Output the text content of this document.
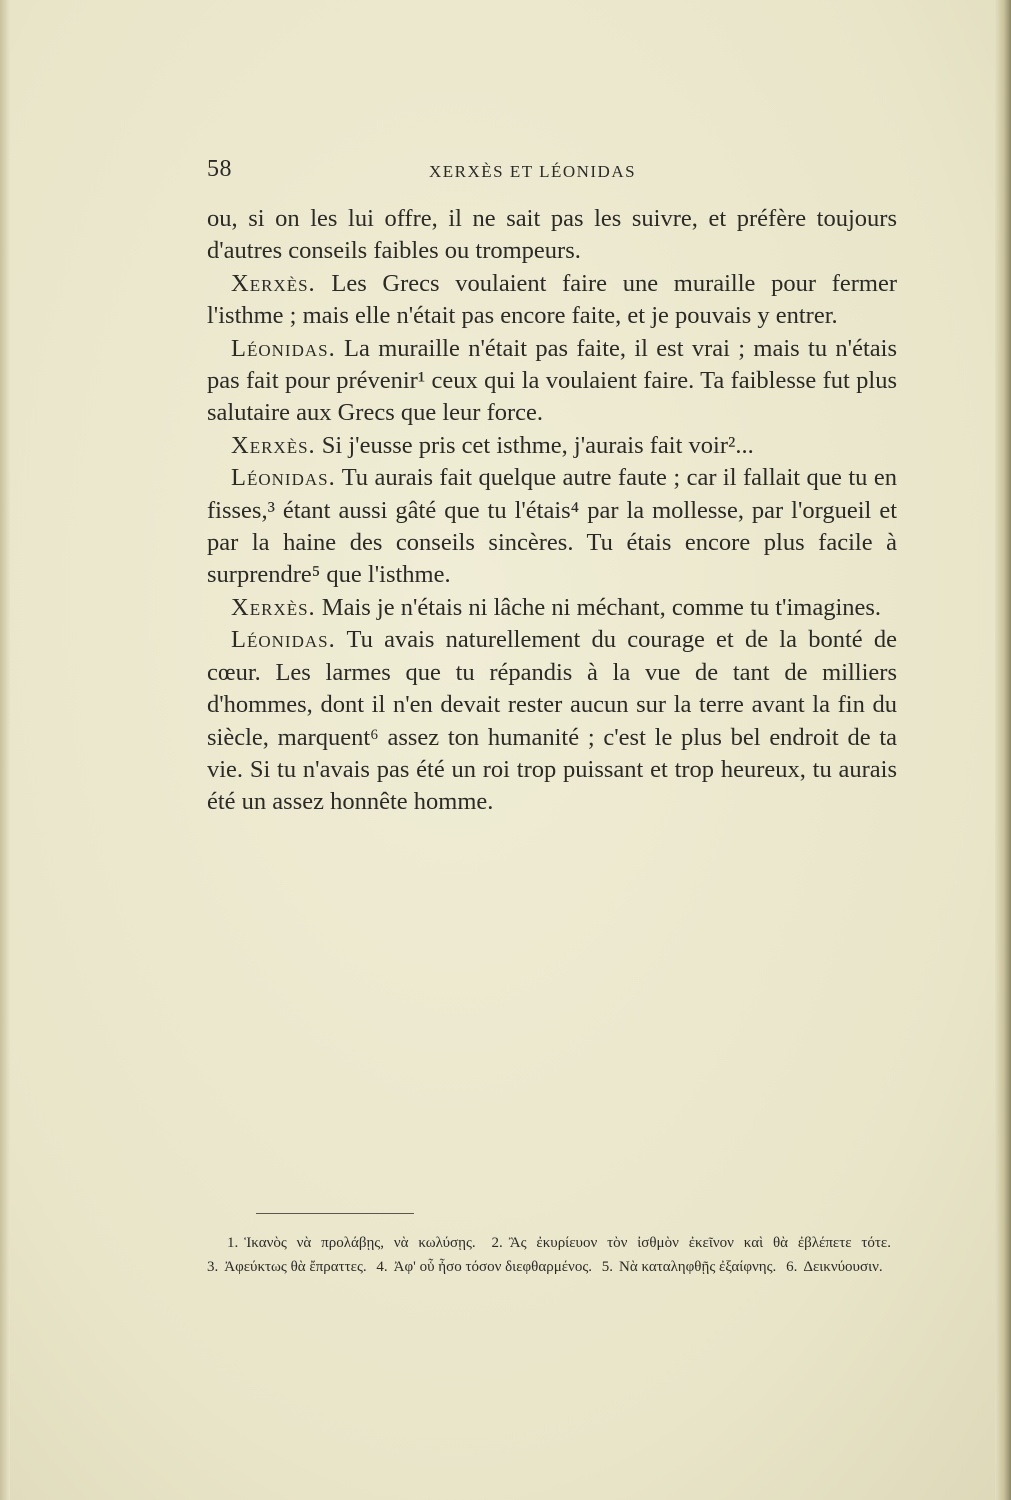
58	XERXÈS ET LÉONIDAS

ou, si on les lui offre, il ne sait pas les suivre, et préfère toujours d'autres conseils faibles ou trompeurs.

Xerxès. Les Grecs voulaient faire une muraille pour fermer l'isthme ; mais elle n'était pas encore faite, et je pouvais y entrer.

Léonidas. La muraille n'était pas faite, il est vrai ; mais tu n'étais pas fait pour prévenir¹ ceux qui la voulaient faire. Ta faiblesse fut plus salutaire aux Grecs que leur force.

Xerxès. Si j'eusse pris cet isthme, j'aurais fait voir²...

Léonidas. Tu aurais fait quelque autre faute ; car il fallait que tu en fisses,³ étant aussi gâté que tu l'étais⁴ par la mollesse, par l'orgueil et par la haine des conseils sincères. Tu étais encore plus facile à surprendre⁵ que l'isthme.

Xerxès. Mais je n'étais ni lâche ni méchant, comme tu t'imagines.

Léonidas. Tu avais naturellement du courage et de la bonté de cœur. Les larmes que tu répandis à la vue de tant de milliers d'hommes, dont il n'en devait rester aucun sur la terre avant la fin du siècle, marquent⁶ assez ton humanité ; c'est le plus bel endroit de ta vie. Si tu n'avais pas été un roi trop puissant et trop heureux, tu aurais été un assez honnête homme.

1. Ἱκανὸς νὰ προλάβῃς, νὰ κωλύσῃς. 2. Ἂς ἐκυρίευον τὸν ἰσθμὸν ἐκεῖνον καὶ θὰ ἐβλέπετε τότε. 3. Ἀφεύκτως θὰ ἔπραττες. 4. Ἀφ' οὗ ἦσο τόσον διεφθαρμένος. 5. Νὰ καταληφθῇς ἐξαίφνης. 6. Δεικνύουσιν.
